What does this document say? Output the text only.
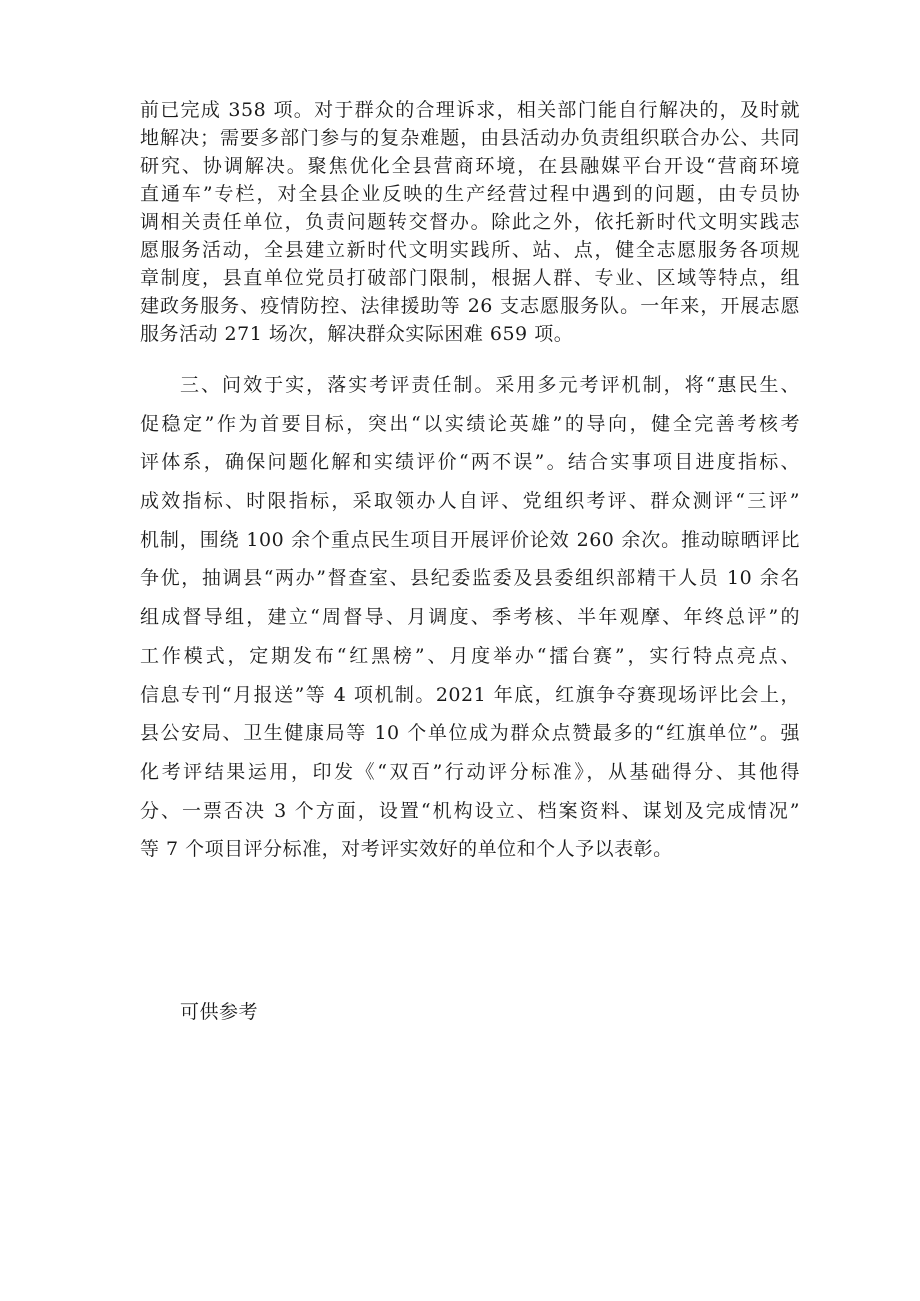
前已完成 358 项。对于群众的合理诉求，相关部门能自行解决的，及时就
地解决；需要多部门参与的复杂难题，由县活动办负责组织联合办公、共同
研究、协调解决。聚焦优化全县营商环境，在县融媒平台开设“营商环境
直通车”专栏，对全县企业反映的生产经营过程中遇到的问题，由专员协
调相关责任单位，负责问题转交督办。除此之外，依托新时代文明实践志
愿服务活动，全县建立新时代文明实践所、站、点，健全志愿服务各项规
章制度，县直单位党员打破部门限制，根据人群、专业、区域等特点，组
建政务服务、疫情防控、法律援助等 26 支志愿服务队。一年来，开展志愿
服务活动 271 场次，解决群众实际困难 659 项。
三、问效于实，落实考评责任制。采用多元考评机制，将“惠民生、
促稳定”作为首要目标，突出“以实绩论英雄”的导向，健全完善考核考
评体系，确保问题化解和实绩评价“两不误”。结合实事项目进度指标、
成效指标、时限指标，采取领办人自评、党组织考评、群众测评“三评”
机制，围绕 100 余个重点民生项目开展评价论效 260 余次。推动晾晒评比
争优，抽调县“两办”督查室、县纪委监委及县委组织部精干人员 10 余名
组成督导组，建立“周督导、月调度、季考核、半年观摩、年终总评”的
工作模式，定期发布“红黑榜”、月度举办“擂台赛”，实行特点亮点、
信息专刊“月报送”等 4 项机制。2021 年底，红旗争夺赛现场评比会上，
县公安局、卫生健康局等 10 个单位成为群众点赞最多的“红旗单位”。强
化考评结果运用，印发《“双百”行动评分标准》，从基础得分、其他得
分、一票否决 3 个方面，设置“机构设立、档案资料、谋划及完成情况”
等 7 个项目评分标准，对考评实效好的单位和个人予以表彰。
可供参考
